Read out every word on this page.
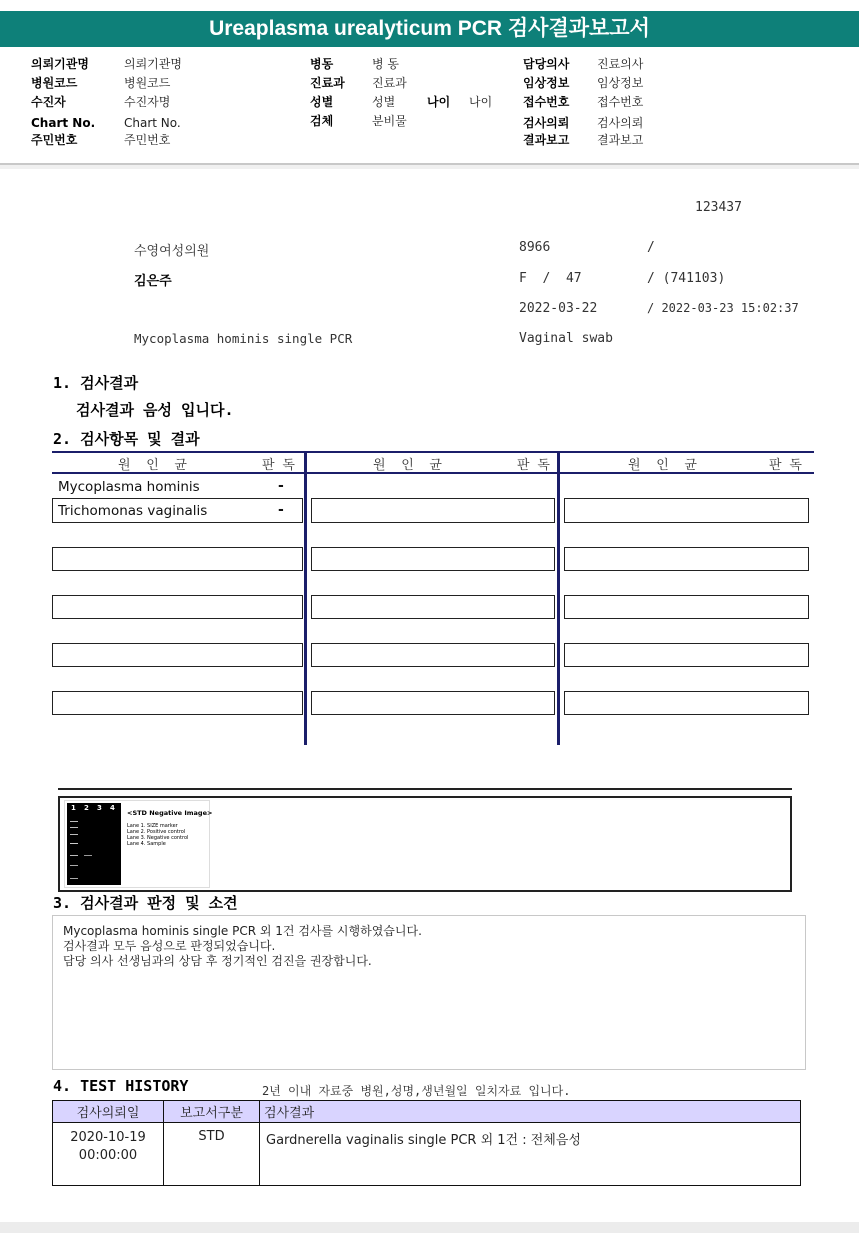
Ureaplasma urealyticum PCR 검사결과보고서
의뢰기관명	의뢰기관명
병원코드	병원코드
수진자	수진자명
Chart No. Chart No.
주민번호	주민번호
병동	병 동
진료과 진료과
성별	성별	나이 나이
검체	분비물
담당의사 진료의사
임상정보 임상정보
접수번호 접수번호
검사의뢰 검사의뢰
결과보고 결과보고
123437
수영여성의원	8966	/
김은주	F  /  47	/ (741103)
2022-03-22	/ 2022-03-23 15:02:37
Mycoplasma hominis single PCR	Vaginal swab
1. 검사결과
검사결과 음성 입니다.
2. 검사항목 및 결과
원  인  균	판 독	원  인  균	판 독	원  인  균	판 독
Mycoplasma hominis	-
Trichomonas vaginalis	-
1 2 3 4
<STD Negative Image>
Lane 1. SIZE marker
Lane 2. Positive control
Lane 3. Negative control
Lane 4. Sample
3. 검사결과 판정 및 소견
Mycoplasma hominis single PCR 외 1건 검사를 시행하였습니다.
검사결과 모두 음성으로 판정되었습니다.
담당 의사 선생님과의 상담 후 정기적인 검진을 권장합니다.
4. TEST HISTORY	2년 이내 자료중 병원,성명,생년월일 일치자료 입니다.
검사의뢰일	보고서구분	검사결과

2020-10-19
00:00:00	STD	Gardnerella vaginalis single PCR 외 1건 : 전체음성
